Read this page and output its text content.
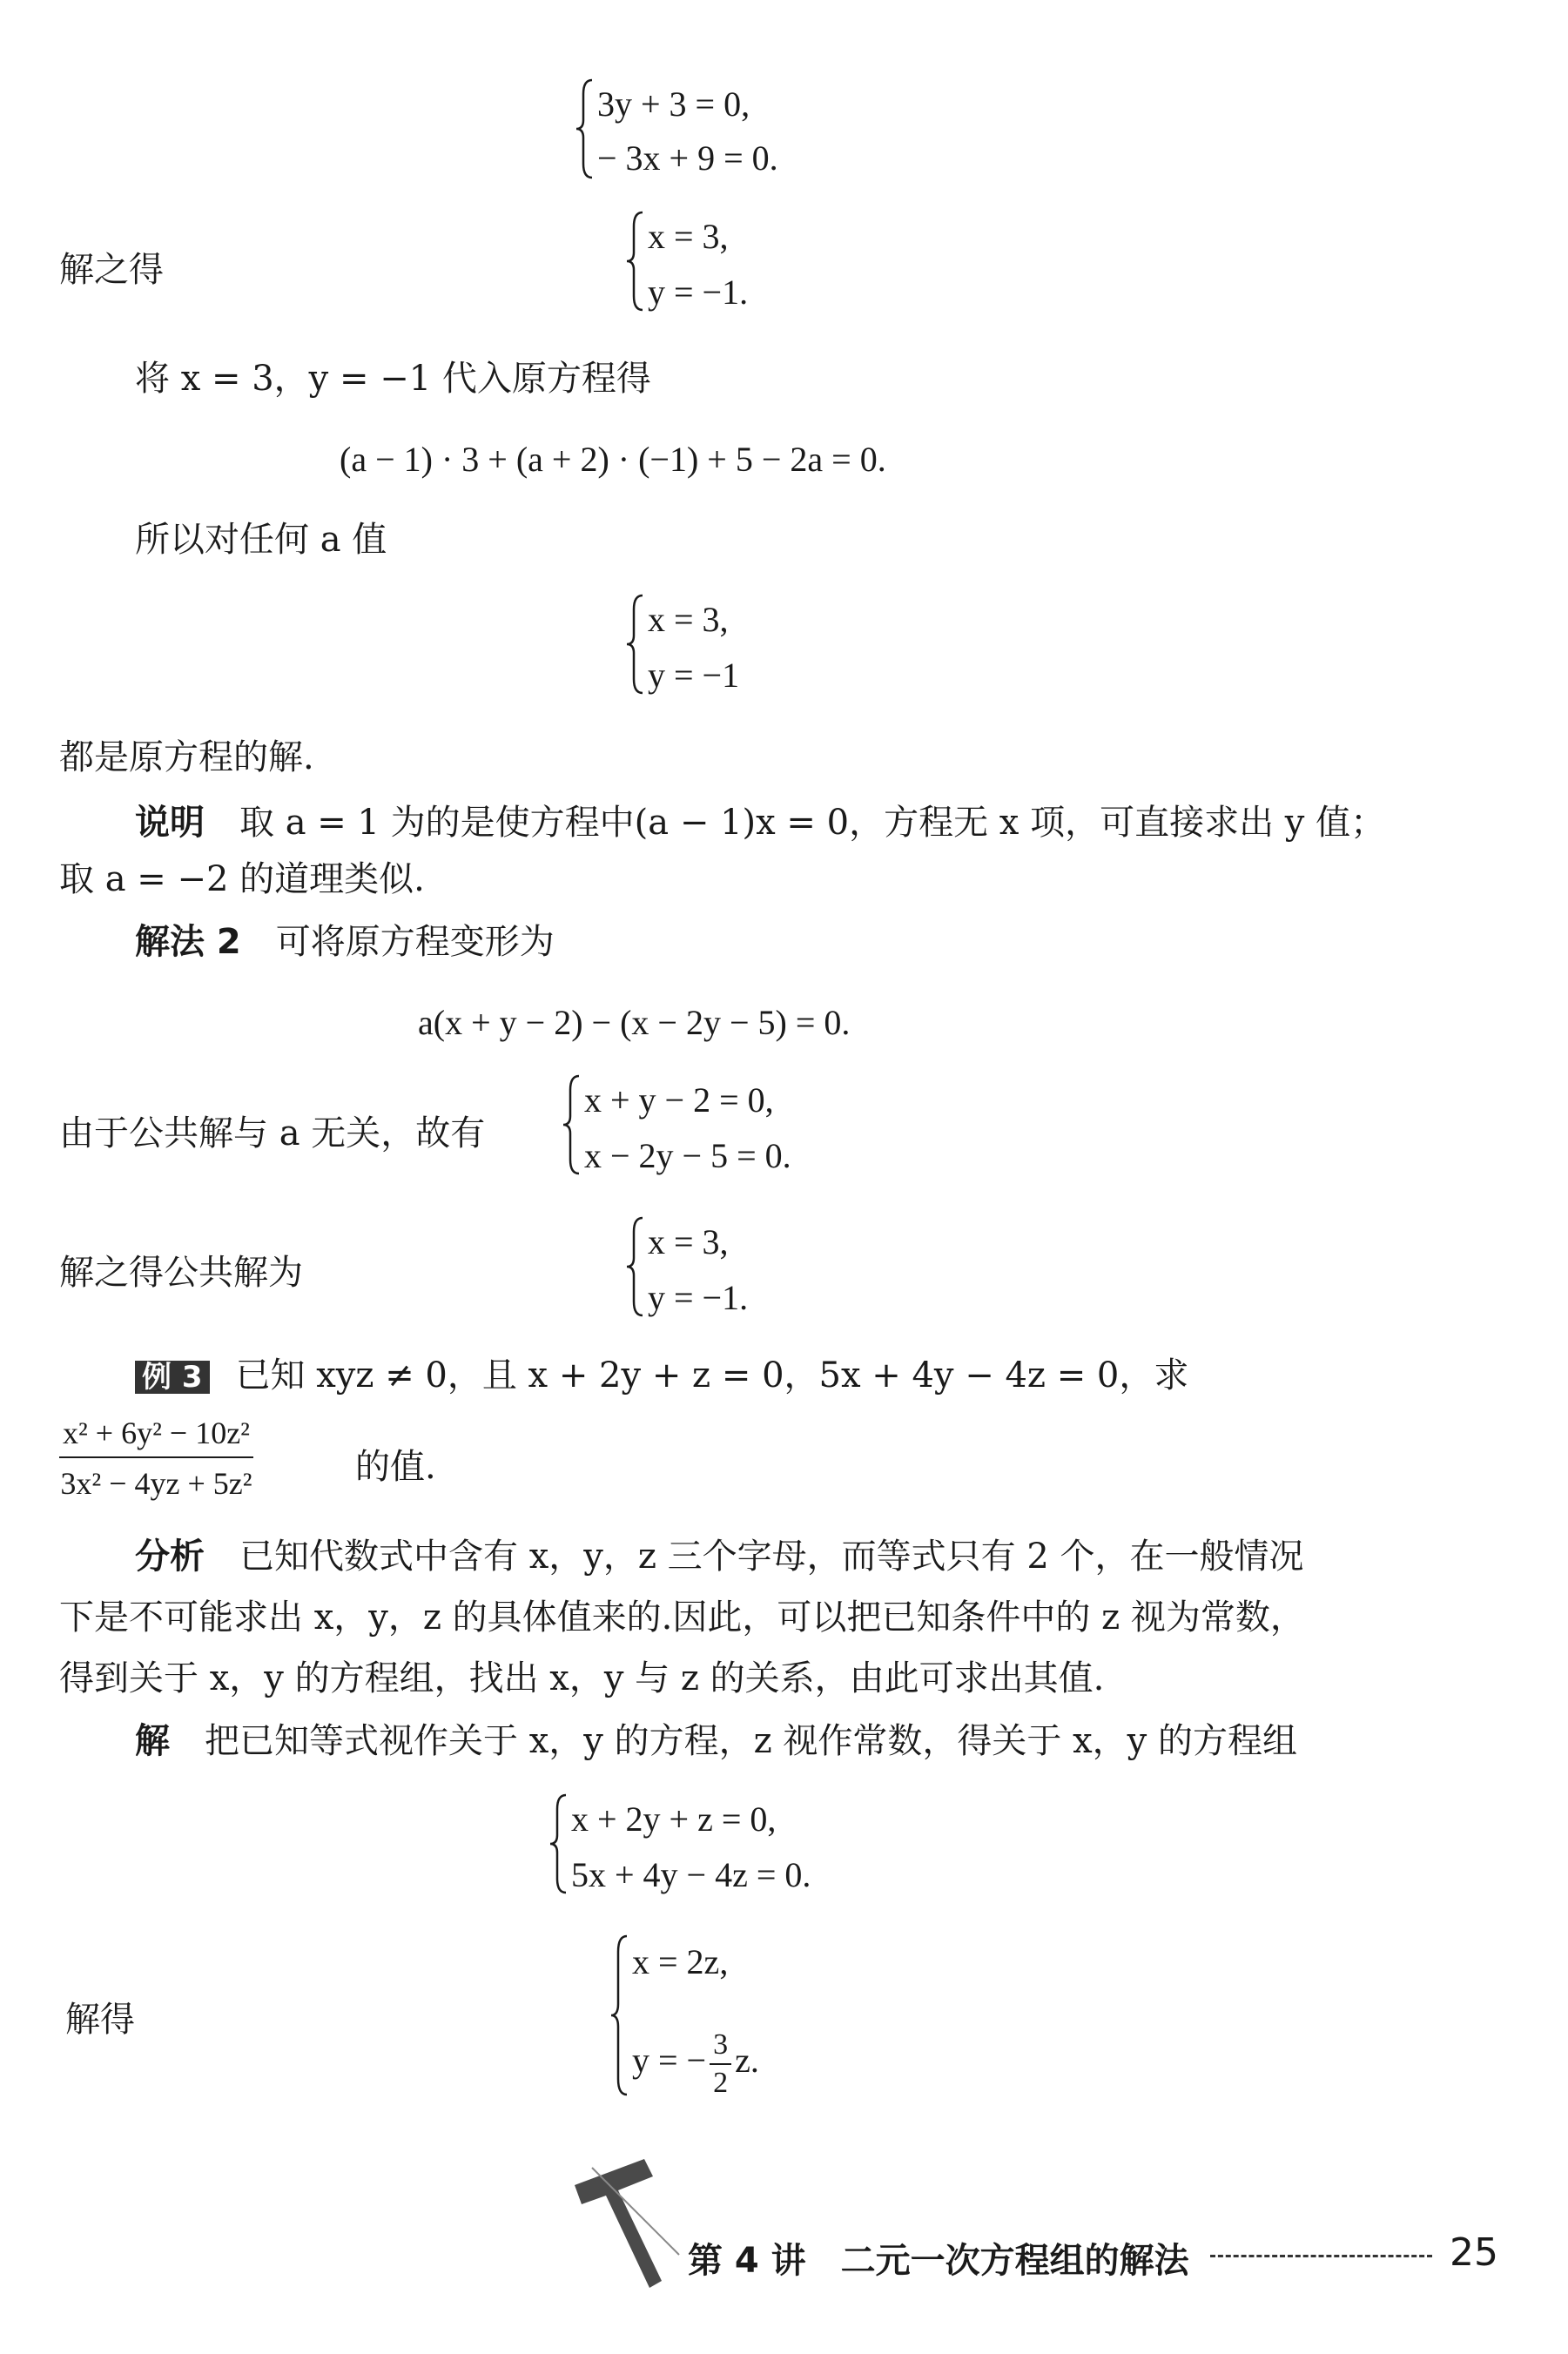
3y + 3 = 0,
− 3x + 9 = 0.
解之得
x = 3,
y = −1.
将 x = 3，y = −1 代入原方程得
(a − 1) · 3 + (a + 2) · (−1) + 5 − 2a = 0.
所以对任何 a 值
x = 3,
y = −1
都是原方程的解.
说明　 取 a = 1 为的是使方程中(a − 1)x = 0，方程无 x 项，可直接求出 y 值；
取 a = −2 的道理类似.
解法 2　 可将原方程变形为
a(x + y − 2) − (x − 2y − 5) = 0.
由于公共解与 a 无关，故有
x + y − 2 = 0,
x − 2y − 5 = 0.
解之得公共解为
x = 3,
y = −1.
例 3 已知 xyz ≠ 0，且 x + 2y + z = 0，5x + 4y − 4z = 0，求
$\frac{\text{x² + 6y² − 10z²}}{\text{3x² − 4yz + 5z²}}$	的值.
分析　 已知代数式中含有 x，y，z 三个字母，而等式只有 2 个，在一般情况
下是不可能求出 x，y，z 的具体值来的.因此，可以把已知条件中的 z 视为常数，
得到关于 x，y 的方程组，找出 x，y 与 z 的关系，由此可求出其值.
解　 把已知等式视作关于 x，y 的方程，z 视作常数，得关于 x，y 的方程组
x + 2y + z = 0,
5x + 4y − 4z = 0.
解得
x = 2z,
y = − $\frac{3}{2} z$.
第 4 讲　二元一次方程组的解法	25
